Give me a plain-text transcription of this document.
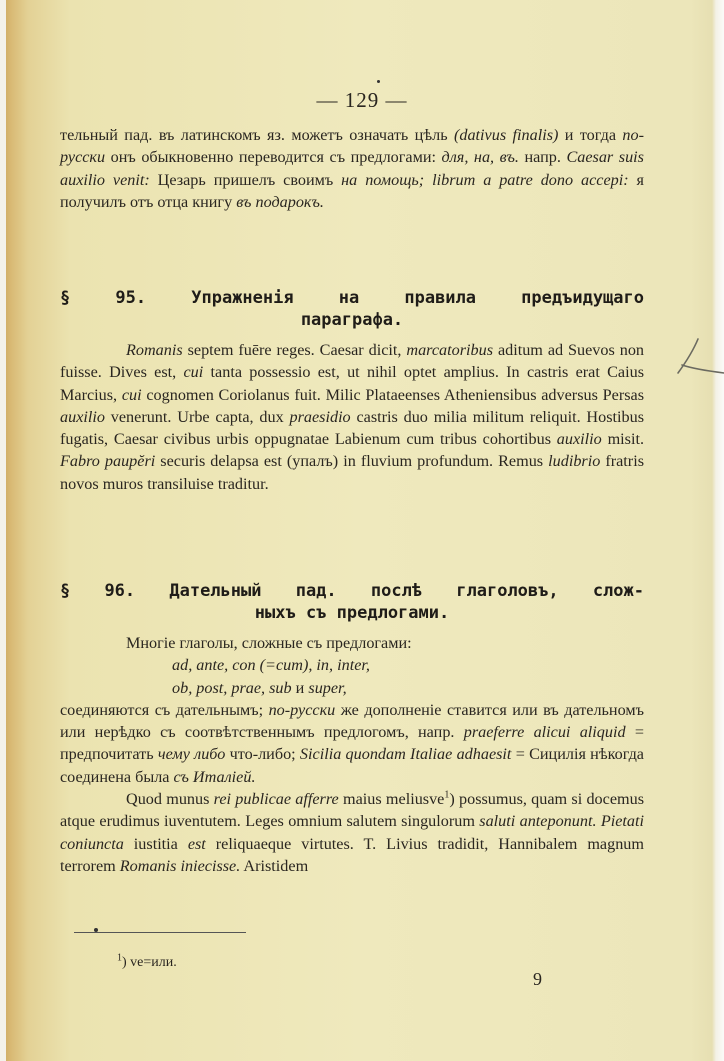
— 129 —

тельный пад. въ латинскомъ яз. можетъ означать цѣль (dativus finalis) и тогда по-русски онъ обыкновенно переводится съ предлогами: для, на, въ. напр. Caesar suis auxilio venit: Цезарь пришелъ своимъ на помощь; librum a patre dono accepi: я получилъ отъ отца книгу въ подарокъ.

§ 95. Упражненія на правила предъидущаго
параграфа.

Romanis septem fuēre reges. Caesar dicit, marcatoribus aditum ad Suevos non fuisse. Dives est, cui tanta possessio est, ut nihil optet amplius. In castris erat Caius Marcius, cui cognomen Coriolanus fuit. Milic Plataeenses Atheniensibus adversus Persas auxilio venerunt. Urbe capta, dux praesidio castris duo milia militum reliquit. Hostibus fugatis, Caesar civibus urbis oppugnatae Labienum cum tribus cohortibus auxilio misit. Fabro paupĕri securis delapsa est (упалъ) in fluvium profundum. Remus ludibrio fratris novos muros transiluise traditur.

§ 96. Дательный пад. послѣ глаголовъ, слож-
ныхъ съ предлогами.

Многіе глаголы, сложные съ предлогами:

ad, ante, con (=cum), in, inter,

ob, post, prae, sub и super,

соединяются съ дательнымъ; по-русски же дополненіе ставится или въ дательномъ или нерѣдко съ соотвѣтственнымъ предлогомъ, напр. praeferre alicui aliquid = предпочитать чему либо что-либо; Sicilia quondam Italiae adhaesit = Сицилія нѣкогда соединена была съ Италіей.

Quod munus rei publicae afferre maius meliusve$^1$) possumus, quam si docemus atque erudimus iuventutem. Leges omnium salutem singulorum saluti anteponunt. Pietati coniuncta iustitia est reliquaeque virtutes. T. Livius tradidit, Hannibalem magnum terrorem Romanis iniecisse. Aristidem

$^1$) ve=или.
9
